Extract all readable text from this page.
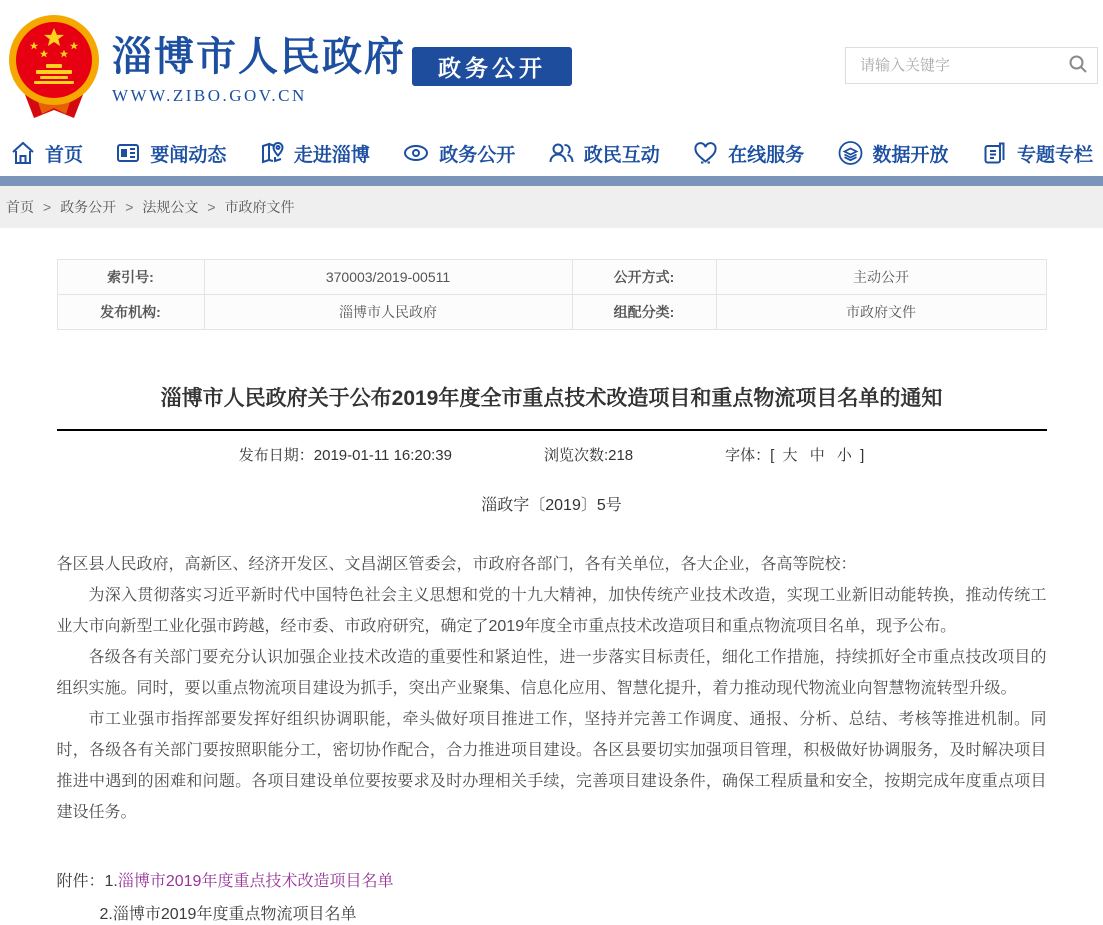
淄博市人民政府
WWW.ZIBO.GOV.CN
政务公开
请输入关键字
首页	要闻动态	走进淄博	政务公开	政民互动	在线服务	数据开放	专题专栏
首页 > 政务公开 > 法规公文 > 市政府文件
索引号:	370003/2019-00511	公开方式:	主动公开
发布机构:	淄博市人民政府	组配分类:	市政府文件
淄博市人民政府关于公布2019年度全市重点技术改造项目和重点物流项目名单的通知
发布日期：2019-01-11 16:20:39	浏览次数:218	字体：[ 大 中 小 ]
淄政字〔2019〕5号

各区县人民政府，高新区、经济开发区、文昌湖区管委会，市政府各部门，各有关单位，各大企业，各高等院校：

为深入贯彻落实习近平新时代中国特色社会主义思想和党的十九大精神，加快传统产业技术改造，实现工业新旧动能转换，推动传统工业大市向新型工业化强市跨越，经市委、市政府研究，确定了2019年度全市重点技术改造项目和重点物流项目名单，现予公布。

各级各有关部门要充分认识加强企业技术改造的重要性和紧迫性，进一步落实目标责任，细化工作措施，持续抓好全市重点技改项目的组织实施。同时，要以重点物流项目建设为抓手，突出产业聚集、信息化应用、智慧化提升，着力推动现代物流业向智慧物流转型升级。

市工业强市指挥部要发挥好组织协调职能，牵头做好项目推进工作，坚持并完善工作调度、通报、分析、总结、考核等推进机制。同时，各级各有关部门要按照职能分工，密切协作配合，合力推进项目建设。各区县要切实加强项目管理，积极做好协调服务，及时解决项目推进中遇到的困难和问题。各项目建设单位要按要求及时办理相关手续，完善项目建设条件，确保工程质量和安全，按期完成年度重点项目建设任务。

附件：1.淄博市2019年度重点技术改造项目名单
2.淄博市2019年度重点物流项目名单
